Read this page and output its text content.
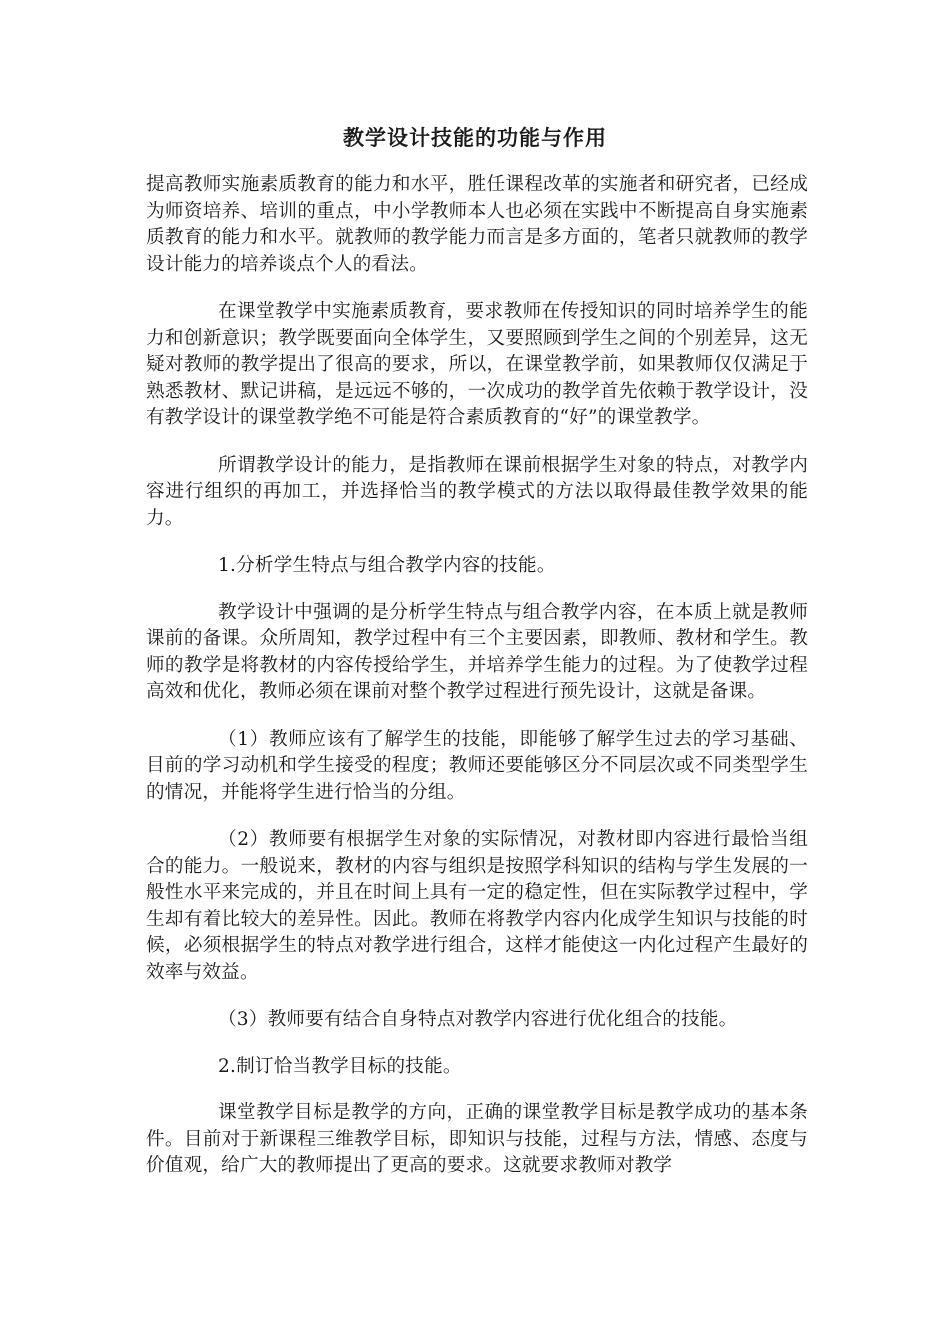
教学设计技能的功能与作用

提高教师实施素质教育的能力和水平，胜任课程改革的实施者和研究者，已经成为师资培养、培训的重点，中小学教师本人也必须在实践中不断提高自身实施素质教育的能力和水平。就教师的教学能力而言是多方面的，笔者只就教师的教学设计能力的培养谈点个人的看法。

在课堂教学中实施素质教育，要求教师在传授知识的同时培养学生的能力和创新意识；教学既要面向全体学生，又要照顾到学生之间的个别差异，这无疑对教师的教学提出了很高的要求，所以，在课堂教学前，如果教师仅仅满足于熟悉教材、默记讲稿，是远远不够的，一次成功的教学首先依赖于教学设计，没有教学设计的课堂教学绝不可能是符合素质教育的“好”的课堂教学。

所谓教学设计的能力，是指教师在课前根据学生对象的特点，对教学内容进行组织的再加工，并选择恰当的教学模式的方法以取得最佳教学效果的能力。

1.分析学生特点与组合教学内容的技能。

教学设计中强调的是分析学生特点与组合教学内容，在本质上就是教师课前的备课。众所周知，教学过程中有三个主要因素，即教师、教材和学生。教师的教学是将教材的内容传授给学生，并培养学生能力的过程。为了使教学过程高效和优化，教师必须在课前对整个教学过程进行预先设计，这就是备课。

（1）教师应该有了解学生的技能，即能够了解学生过去的学习基础、目前的学习动机和学生接受的程度；教师还要能够区分不同层次或不同类型学生的情况，并能将学生进行恰当的分组。

（2）教师要有根据学生对象的实际情况，对教材即内容进行最恰当组合的能力。一般说来，教材的内容与组织是按照学科知识的结构与学生发展的一般性水平来完成的，并且在时间上具有一定的稳定性，但在实际教学过程中，学生却有着比较大的差异性。因此。教师在将教学内容内化成学生知识与技能的时候，必须根据学生的特点对教学进行组合，这样才能使这一内化过程产生最好的效率与效益。

（3）教师要有结合自身特点对教学内容进行优化组合的技能。

2.制订恰当教学目标的技能。

课堂教学目标是教学的方向，正确的课堂教学目标是教学成功的基本条件。目前对于新课程三维教学目标，即知识与技能，过程与方法，情感、态度与价值观，给广大的教师提出了更高的要求。这就要求教师对教学
